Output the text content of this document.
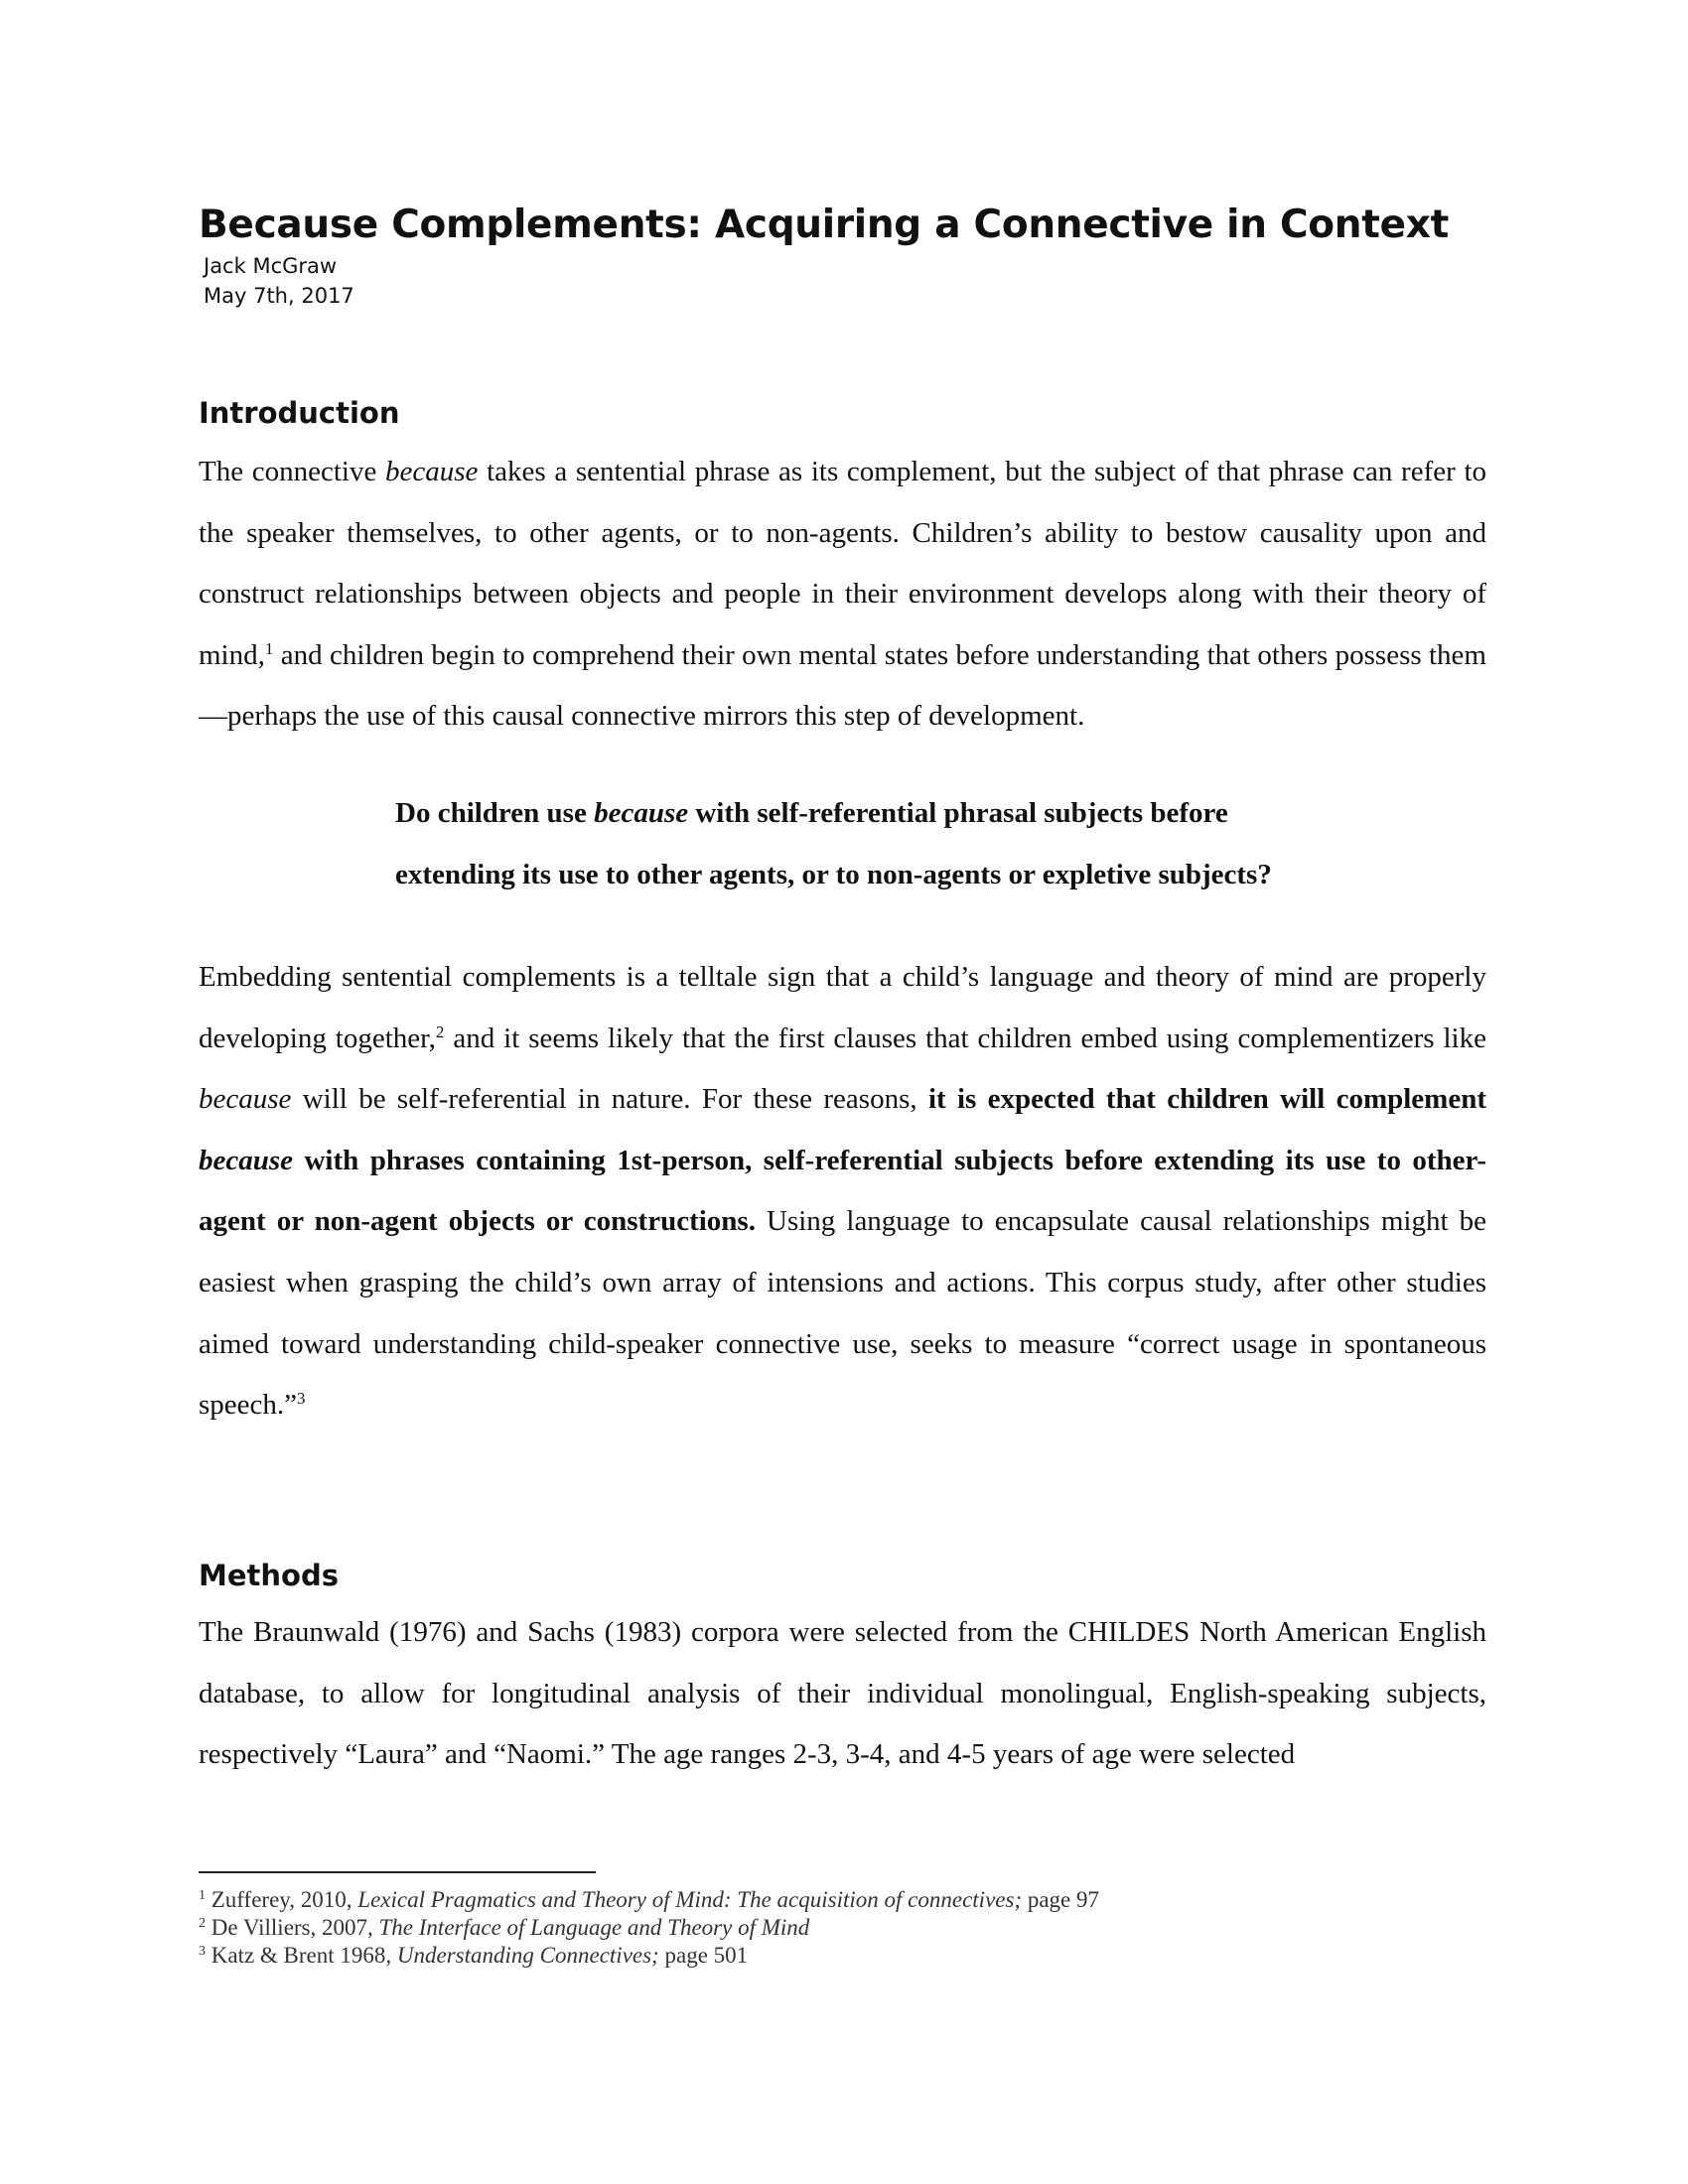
Because Complements: Acquiring a Connective in Context
Jack McGraw
May 7th, 2017
Introduction

The connective because takes a sentential phrase as its complement, but the subject of that phrase can refer to the speaker themselves, to other agents, or to non-agents. Children’s ability to bestow causality upon and construct relationships between objects and people in their environment develops along with their theory of mind,$^1$ and children begin to comprehend their own mental states before understanding that others possess them—perhaps the use of this causal connective mirrors this step of development.

Do children use because with self-referential phrasal subjects before
extending its use to other agents, or to non-agents or expletive subjects?

Embedding sentential complements is a telltale sign that a child’s language and theory of mind are properly developing together,$^2$ and it seems likely that the first clauses that children embed using complementizers like because will be self-referential in nature. For these reasons, it is expected that children will complement because with phrases containing 1st-person, self-referential subjects before extending its use to other-agent or non-agent objects or constructions. Using language to encapsulate causal relationships might be easiest when grasping the child’s own array of intensions and actions. This corpus study, after other studies aimed toward understanding child-speaker connective use, seeks to measure “correct usage in spontaneous speech.”$^3$

Methods

The Braunwald (1976) and Sachs (1983) corpora were selected from the CHILDES North American English database, to allow for longitudinal analysis of their individual monolingual, English-speaking subjects, respectively “Laura” and “Naomi.” The age ranges 2-3, 3-4, and 4-5 years of age were selected

$^1$ Zufferey, 2010, Lexical Pragmatics and Theory of Mind: The acquisition of connectives; page 97
$^2$ De Villiers, 2007, The Interface of Language and Theory of Mind
$^3$ Katz & Brent 1968, Understanding Connectives; page 501
